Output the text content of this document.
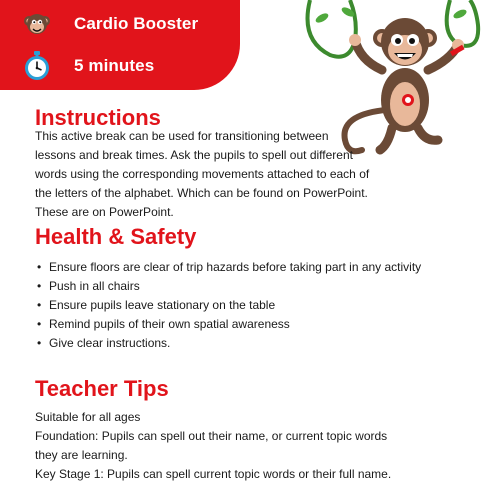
Cardio Booster
5 minutes
Instructions

This active break can be used for transitioning between lessons and break times. Ask the pupils to spell out different words using the corresponding movements attached to each of the letters of the alphabet. Which can be found on PowerPoint. These are on PowerPoint.

Health & Safety
• Ensure floors are clear of trip hazards before taking part in any activity
• Push in all chairs
• Ensure pupils leave stationary on the table
• Remind pupils of their own spatial awareness
• Give clear instructions.
Teacher Tips

Suitable for all ages

Foundation: Pupils can spell out their name, or current topic words they are learning.

Key Stage 1: Pupils can spell current topic words or their full name.
